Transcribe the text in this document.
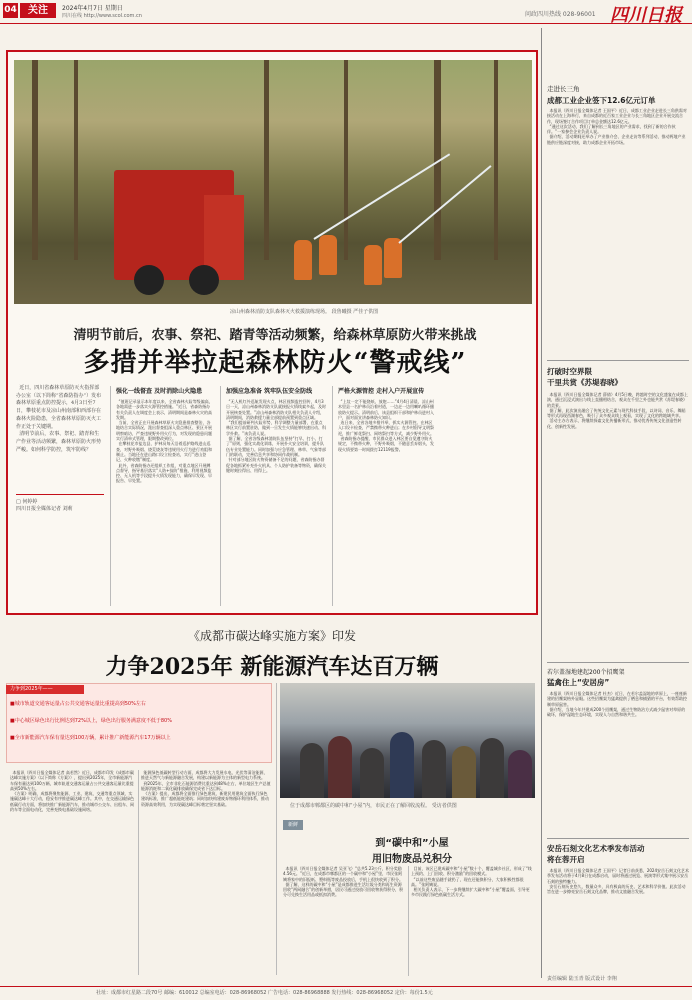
04	关注	2024年4月7日 星期日
四川在线 http://www.scol.com.cn	问政四川热线 028-96001 四川日报
凉山州森林消防支队森林灭火救援演练现场。 段鲁曦摄 严佳子供图
清明节前后，农事、祭祀、踏青等活动频繁，给森林草原防火带来挑战
多措并举拉起森林防火“警戒线”
近日，四川省森林草原防灭火指挥部办公室（以下简称“省森防指办”）发布森林草原重点防控提示，4月3日至7日，攀枝花市及凉山州南部和西部存在森林火险隐患，全省森林草原防灭火工作正处于关键期。
清明节前后，农事、祭祀、踏青和生产作业等活动频繁，森林草原防火形势严峻。如何科学防控，筑牢防线？
□ 何婷婷
四川日报全媒体记者 刘莉
强化一线督查 及时消除山火隐患
“值班记录显示本年度以来，全省森林火险等级偏高，各地需进一步落实火源管控措施。”近日，省森防指办有关负责人在调度会上表示，清明期间是森林火灾的高发期。
当前，全省正在开展森林草原火灾隐患排查整治，各地结合实际情况，派出督查组深入重点林区、景区开展明察暗访，严查违规野外用火行为，对发现的隐患问题实行清单式管理，限期整改到位。
在攀枝花市盐边县，护林员每天沿着巡护路线进山巡查，对野外吸烟、烧荒烧灰等违规用火行为进行劝阻和制止。当地还在进山路口设立检查站，实行“进山登记、火种收缴”制度。
此外，省森防指办还组织工作组，对重点地区开展蹲点督导，指导基层落实“人防+技防”措施，利用视频监控、无人机等手段提升火情发现能力，确保早发现、早报告、早处置。
加强应急准备 筑牢队伍安全防线
“无人机红外巡航发现火点，林区视频监控回传，4月3日一天，凉山州森林消防支队就接报火情线索多起，及时开展核查处置。”凉山州森林消防支队相关负责人介绍，清明期间，消防救援力量全部提前预置到重点区域。
“我们提前研判火险形势，科学调整力量部署，在重点林区实行前置驻防，做到一旦发生火情能够快速出动、科学扑救。”该负责人说。
据了解，全省各级森林消防队伍坚持“打早、打小、打了”原则，强化实战化训练，开展扑火安全培训，提升队伍专业处置能力。同时加强与应急管理、林草、气象等部门的联动，完善信息共享和协同作战机制。
针对部分地区防火物资储备不足的问题，省森防指办督促各地抓紧补充扑火机具、个人防护装备等物资，确保关键时刻拉得出、用得上。
严格火源管控 走村入户开展宣传
“上坟一定不能烧纸、放炮……”4月4日清晨，凉山州木里县一名护林员沿着村道，一边走一边用喇叭循环播放防火提示。清明前后，该县组织干部和护林员进村入户，面对面宣讲森林防火知识。
连日来，全省各地多措并举，抓实火源管控。在林区入口设卡检查，严禁携带火种进山；在乡村倡导文明祭祀，推广鲜花祭扫、网络祭扫等方式，减少野外用火。
省森防指办提醒，市民群众进入林区要自觉遵守防火规定，不携带火种，不野外吸烟，不随意丢弃烟头，发现火情要第一时间拨打12119报警。
《成都市碳达峰实施方案》印发
力争2025年 新能源汽车达百万辆
力争到2025年——
■城市轨道交通客运量占公共交通客运量比重提高到50%左右
■中心城区绿色出行比例达到72%以上，绿色出行服务满意度不低于80%
■全市新能源汽车保有量达到100万辆，累计推广新能源汽车17万辆以上
本报讯（四川日报全媒体记者 高若然）近日，成都市印发《成都市碳达峰实施方案》（以下简称《方案》），提出到2025年，全市新能源汽车保有量达到100万辆，城市轨道交通客运量占公共交通客运量比重提高到50%左右。
《方案》明确，成都将聚焦能源、工业、建筑、交通等重点领域，实施碳达峰十大行动，稳妥有序推进碳达峰工作。其中，在交通运输绿色低碳行动方面，将加快推广新能源汽车，推动城市公交车、出租车、网约车等全面电动化，完善充换电基础设施网络。
能源绿色低碳转型行动方面，成都将大力发展水电、光伏等清洁能源，推进天然气与新能源融合发展，构建以新能源为主体的新型电力系统。
到2025年，全市非化石能源消费比重达到48%左右，单位地区生产总值能源消耗和二氧化碳排放确保完成省下达目标。
《方案》提出，成都将全面推行绿色建筑，新建民用建筑全面执行绿色建筑标准，推广超低能耗建筑；同时加快构建废弃物循环利用体系，推动资源高效利用，为实现碳达峰目标奠定坚实基础。	位于成都市郫都区的碳中和“小屋”内，市民正在了解回收流程。 受访者供图
新鲜
到“碳中和”小屋
用旧物废品兑积分
本报讯（四川日报全媒体记者 吴亚飞）“总共5.23公斤，积分奖励4.56元。”近日，在成都市郫都区的一个碳中和“小屋”里，市民张阿姨将家中的旧报纸、塑料瓶等废品投放后，手机上很快收到了积分。
据了解，这样的碳中和“小屋”是成都推进生活垃圾分类和再生资源回收“两网融合”的创新举措，居民可通过投放可回收物获得积分，积分可兑换生活用品或抵扣消费。
目前，该区已建成碳中和“小屋”数十个，覆盖城乡社区，形成了“线上预约、上门回收、积分激励”的回收模式。
“以前这些废品随手就扔了，现在还能换积分，大家积极性都很高。”张阿姨说。
相关负责人表示，下一步将继续扩大碳中和“小屋”覆盖面，引导更多市民践行绿色低碳生活方式。
走进长三角
成都工业企业签下12.6亿元订单
本报讯（四川日报全媒体记者 王国平）近日，成都工业企业走进长三角供需对接活动在上海举行，来自成都的近百家工业企业与长三角地区企业开展交流合作，现场签订合作项目订单总金额达12.6亿元。
“通过这次活动，我们了解到长三角地区的产业需求，找到了新的合作伙伴。”一家参会企业负责人说。
据介绍，活动期间还举办了产业推介会、企业走访等系列活动，推动两地产业链供应链深度对接，助力成都企业开拓市场。
打破时空界限
干里共赏《苏堤春晓》
本报讯（四川日报全媒体记者 薛倩）4月5日晚，跨越时空的文化盛宴在成都上演，通过沉浸式演出与线上直播相结合，观众在千里之外也能共赏《苏堤春晓》的美景。
据了解，此次演出融合了传统文化元素与现代科技手段，以诗词、音乐、舞蹈等形式再现西湖春色，吸引了众多观众线上观看，实现了文化的跨地域共享。
活动主办方表示，将继续探索文化传播新形式，推动优秀传统文化创造性转化、创新性发展。
若尔盖湿地建起200个招鹰架
猛禽住上“安居房”
本报讯（四川日报全媒体记者 杜杰）近日，在若尔盖湿地的草原上，一座座新建的招鹰架格外显眼。这些招鹰架为猛禽提供了栖息和捕猎的平台，有效帮助控制草原鼠害。
据介绍，当地今年共建成200个招鹰架，通过生物防治方式减少鼠害对草原的破坏，保护湿地生态环境，实现人与自然和谐共生。
安岳石刻文化艺术季发布活动
将在蓉开启
本报讯（四川日报全媒体记者 王国平）记者日前获悉，2024安岳石刻文化艺术季发布活动将于4月8日在成都启动，届时将通过展览、展演等形式集中展示安岳石刻的独特魅力。
安岳石刻历史悠久、数量众多，具有极高的历史、艺术和科学价值。此次活动旨在进一步擦亮安岳石刻文化品牌，推动文旅融合发展。
责任编辑 陆玉青 版式设计 李翔
社址：成都市红星路二段70号 邮编：610012 总编室电话：028-86968052 广告电话：028-86968888 发行热线：028-86968052 定价：每份1.5元
